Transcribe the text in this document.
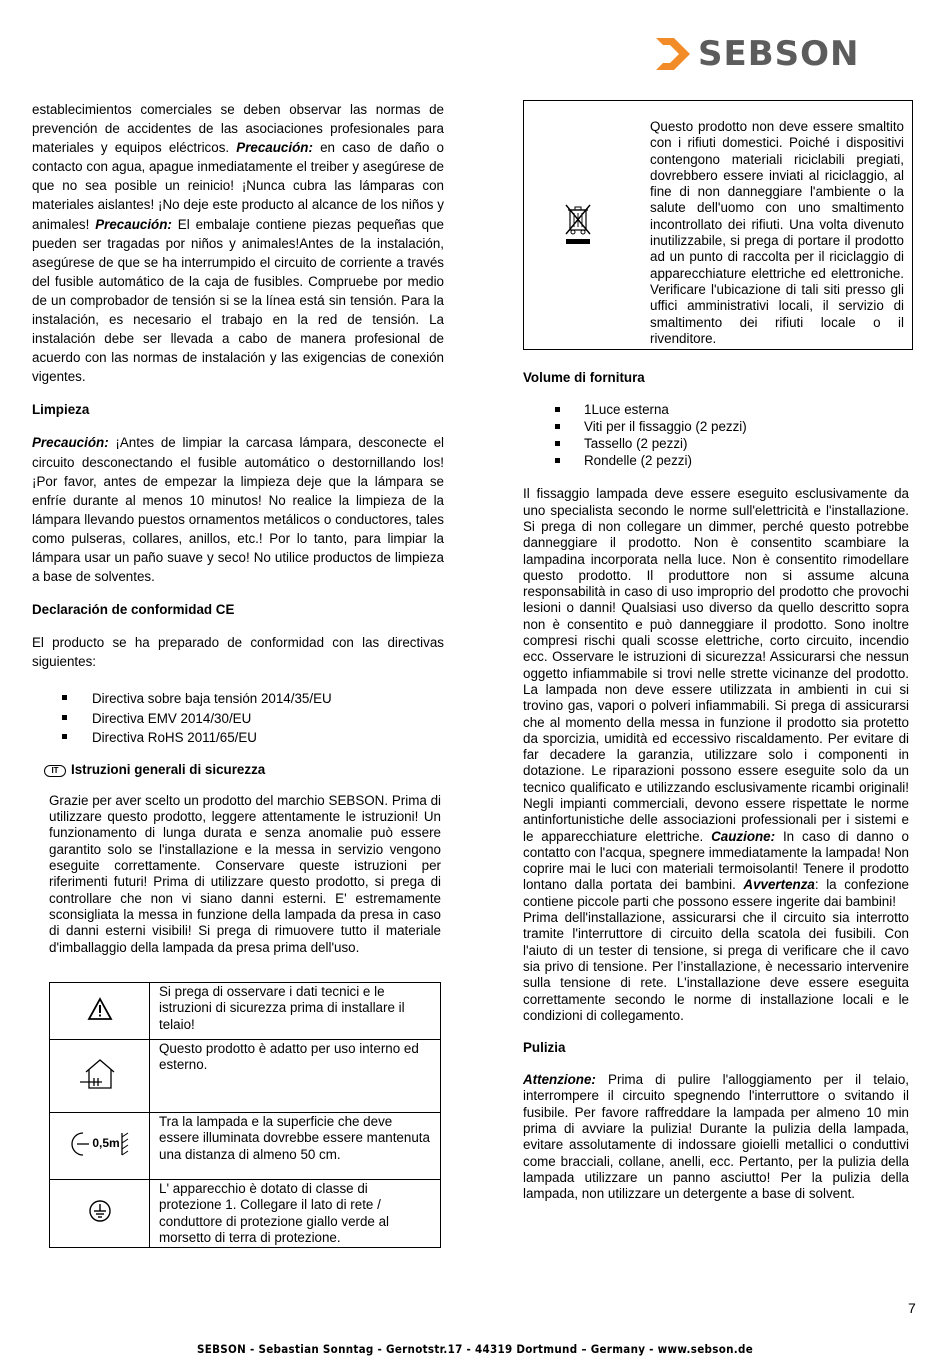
SEBSON

establecimientos comerciales se deben observar las normas de prevención de accidentes de las asociaciones profesionales para materiales y equipos eléctricos. Precaución: en caso de daño o contacto con agua, apague inmediatamente el treiber y asegúrese de que no sea posible un reinicio! ¡Nunca cubra las lámparas con materiales aislantes! ¡No deje este producto al alcance de los niños y animales! Precaución: El embalaje contiene piezas pequeñas que pueden ser tragadas por niños y animales!Antes de la instalación, asegúrese de que se ha interrumpido el circuito de corriente a través del fusible automático de la caja de fusibles. Compruebe por medio de un comprobador de tensión si se la línea está sin tensión. Para la instalación, es necesario el trabajo en la red de tensión. La instalación debe ser llevada a cabo de manera profesional de acuerdo con las normas de instalación y las exigencias de conexión vigentes.

Limpieza

Precaución: ¡Antes de limpiar la carcasa lámpara, desconecte el circuito desconectando el fusible automático o destornillando los! ¡Por favor, antes de empezar la limpieza deje que la lámpara se enfríe durante al menos 10 minutos! No realice la limpieza de la lámpara llevando puestos ornamentos metálicos o conductores, tales como pulseras, collares, anillos, etc.! Por lo tanto, para limpiar la lámpara usar un paño suave y seco! No utilice productos de limpieza a base de solventes.

Declaración de conformidad CE

El producto se ha preparado de conformidad con las directivas siguientes:

Directiva sobre baja tensión 2014/35/EU
Directiva EMV 2014/30/EU
Directiva RoHS 2011/65/EU

IT Istruzioni generali di sicurezza

Grazie per aver scelto un prodotto del marchio SEBSON. Prima di utilizzare questo prodotto, leggere attentamente le istruzioni! Un funzionamento di lunga durata e senza anomalie può essere garantito solo se l'installazione e la messa in servizio vengono eseguite correttamente. Conservare queste istruzioni per riferimenti futuri! Prima di utilizzare questo prodotto, si prega di controllare che non vi siano danni esterni. E' estremamente sconsigliata la messa in funzione della lampada da presa in caso di danni esterni visibili! Si prega di rimuovere tutto il materiale d'imballaggio della lampada da presa prima dell'uso.

	Si prega di osservare i dati tecnici e le istruzioni di sicurezza prima di installare il telaio!
	Questo prodotto è adatto per uso interno ed esterno.

0,5m	Tra la lampada e la superficie che deve essere illuminata dovrebbe essere mantenuta una distanza di almeno 50 cm.
	L' apparecchio è dotato di classe di protezione 1. Collegare il lato di rete / conduttore di protezione giallo verde al morsetto di terra di protezione.

Questo prodotto non deve essere smaltito con i rifiuti domestici. Poiché i dispositivi contengono materiali riciclabili pregiati, dovrebbero essere inviati al riciclaggio, al fine di non danneggiare l'ambiente o la salute dell'uomo con uno smaltimento incontrollato dei rifiuti. Una volta divenuto inutilizzabile, si prega di portare il prodotto ad un punto di raccolta per il riciclaggio di apparecchiature elettriche ed elettroniche. Verificare l'ubicazione di tali siti presso gli uffici amministrativi locali, il servizio di smaltimento dei rifiuti locale o il rivenditore.

Volume di fornitura

1Luce esterna
Viti per il fissaggio (2 pezzi)
Tassello (2 pezzi)
Rondelle (2 pezzi)

Il fissaggio lampada deve essere eseguito esclusivamente da uno specialista secondo le norme sull'elettricità e l'installazione. Si prega di non collegare un dimmer, perché questo potrebbe danneggiare il prodotto. Non è consentito scambiare la lampadina incorporata nella luce. Non è consentito rimodellare questo prodotto. Il produttore non si assume alcuna responsabilità in caso di uso improprio del prodotto che provochi lesioni o danni! Qualsiasi uso diverso da quello descritto sopra non è consentito e può danneggiare il prodotto. Sono inoltre compresi rischi quali scosse elettriche, corto circuito, incendio ecc. Osservare le istruzioni di sicurezza! Assicurarsi che nessun oggetto infiammabile si trovi nelle strette vicinanze del prodotto. La lampada non deve essere utilizzata in ambienti in cui si trovino gas, vapori o polveri infiammabili. Si prega di assicurarsi che al momento della messa in funzione il prodotto sia protetto da sporcizia, umidità ed eccessivo riscaldamento. Per evitare di far decadere la garanzia, utilizzare solo i componenti in dotazione. Le riparazioni possono essere eseguite solo da un tecnico qualificato e utilizzando esclusivamente ricambi originali! Negli impianti commerciali, devono essere rispettate le norme antinfortunistiche delle associazioni professionali per i sistemi e le apparecchiature elettriche. Cauzione: In caso di danno o contatto con l'acqua, spegnere immediatamente la lampada! Non coprire mai le luci con materiali termoisolanti! Tenere il prodotto lontano dalla portata dei bambini. Avvertenza: la confezione contiene piccole parti che possono essere ingerite dai bambini!

Prima dell'installazione, assicurarsi che il circuito sia interrotto tramite l'interruttore di circuito della scatola dei fusibili. Con l'aiuto di un tester di tensione, si prega di verificare che il cavo sia privo di tensione. Per l’installazione, è necessario intervenire sulla tensione di rete. L'installazione deve essere eseguita correttamente secondo le norme di installazione locali e le condizioni di collegamento.

Pulizia

Attenzione: Prima di pulire l'alloggiamento per il telaio, interrompere il circuito spegnendo l'interruttore o svitando il fusibile. Per favore raffreddare la lampada per almeno 10 min prima di avviare la pulizia! Durante la pulizia della lampada, evitare assolutamente di indossare gioielli metallici o conduttivi come bracciali, collane, anelli, ecc. Pertanto, per la pulizia della lampada utilizzare un panno asciutto! Per la pulizia della lampada, non utilizzare un detergente a base di solvent.

7
SEBSON - Sebastian Sonntag - Gernotstr.17 - 44319 Dortmund – Germany - www.sebson.de
